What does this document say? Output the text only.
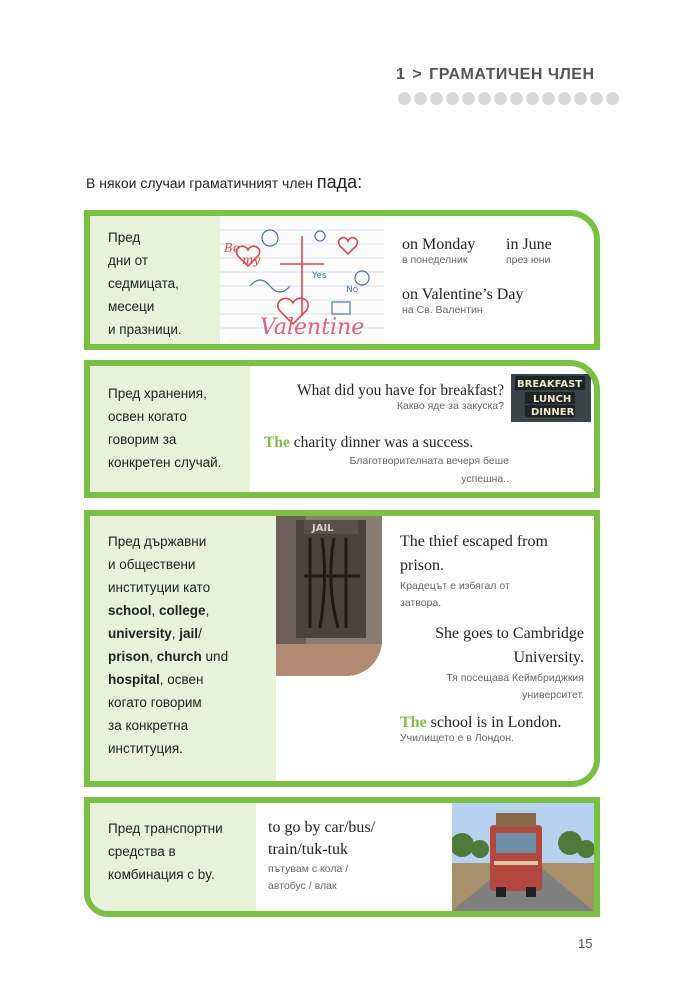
1 > ГРАМАТИЧЕН ЧЛЕН
В някои случаи граматичният член пада:
Пред
дни от
седмицата,
месеци
и празници.
Be
my
Valentine
Yes
No
on Monday
в понеделник
in June
през юни
on Valentine’s Day
на Св. Валентин
Пред хранения,
освен когато
говорим за
конкретен случай.
What did you have for breakfast?
Какво яде за закуска?
BREAKFAST
LUNCH
DINNER
The charity dinner was a success.
Благотворителната вечеря беше
успешна..
Пред държавни
и обществени
институции като
school, college,
university, jail/
prison, church und
hospital, освен
когато говорим
за конкретна
институция.
JAIL
The thief escaped from
prison.
Крадецът е избягал от
затвора.
She goes to Cambridge
University.
Тя посещава Кеймбриджкия
университет.
The school is in London.
Училището е в Лондон.
Пред транспортни
средства в
комбинация с by.
to go by car/bus/
train/tuk-tuk
пътувам с кола /
автобус / влак
15
